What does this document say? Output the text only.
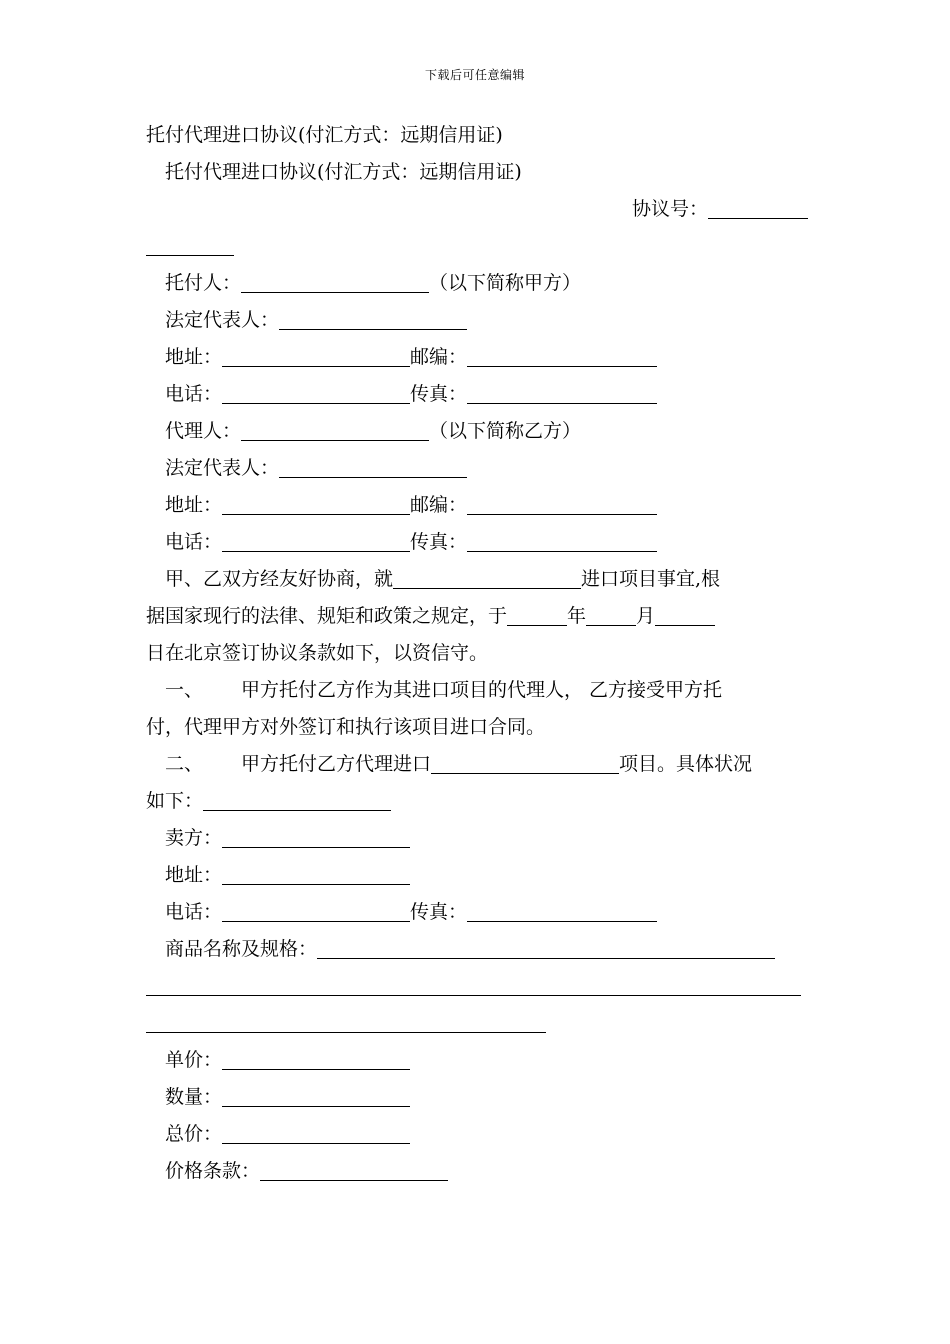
下载后可任意编辑
托付代理进口协议(付汇方式：远期信用证)
托付代理进口协议(付汇方式：远期信用证)
协议号：
托付人：	（以下简称甲方）
法定代表人：
地址：	邮编：
电话：	传真：
代理人：	（以下简称乙方）
法定代表人：
地址：	邮编：
电话：	传真：
甲、乙双方经友好协商，就	进口项目事宜,根
据国家现行的法律、规矩和政策之规定，于	年	月
日在北京签订协议条款如下，以资信守。
一、 甲方托付乙方作为其进口项目的代理人， 乙方接受甲方托
付，代理甲方对外签订和执行该项目进口合同。
二、 甲方托付乙方代理进口	项目。具体状况
如下：
卖方：
地址：
电话：	传真：
商品名称及规格：
单价：
数量：
总价：
价格条款：
